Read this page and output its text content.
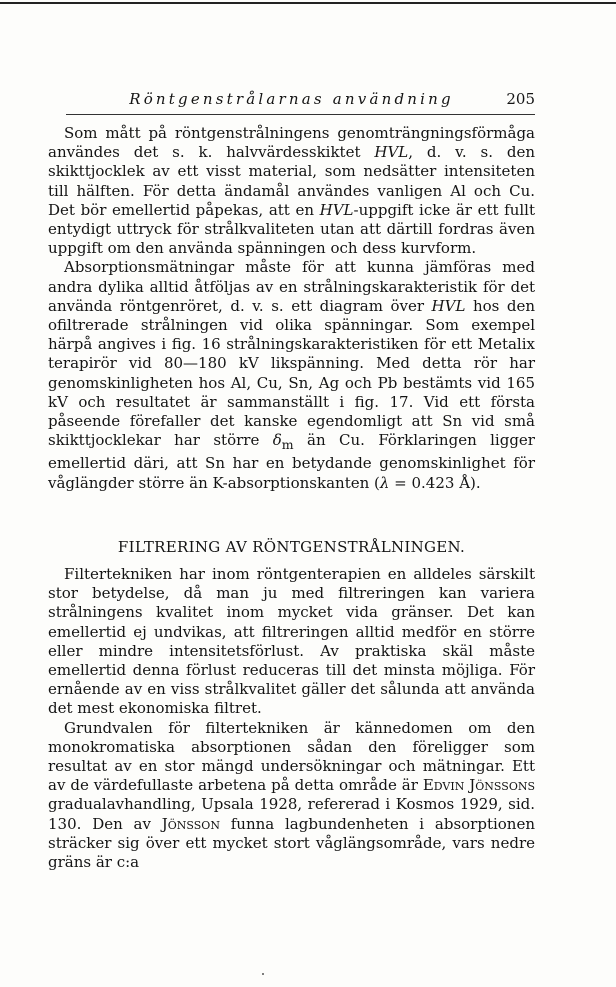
Röntgenstrålarnas användning	205

Som mått på röntgenstrålningens genomträngningsförmåga användes det s. k. halvvärdesskiktet HVL, d. v. s. den skikttjocklek av ett visst material, som nedsätter intensiteten till hälften. För detta ändamål användes vanligen Al och Cu. Det bör emellertid påpekas, att en HVL-uppgift icke är ett fullt entydigt uttryck för strålkvaliteten utan att därtill fordras även uppgift om den använda spänningen och dess kurvform.

Absorptionsmätningar måste för att kunna jämföras med andra dylika alltid åtföljas av en strålningskarakteristik för det använda röntgenröret, d. v. s. ett diagram över HVL hos den ofiltrerade strålningen vid olika spänningar. Som exempel härpå angives i fig. 16 strålningskarakteristiken för ett Metalix terapirör vid 80—180 kV likspänning. Med detta rör har genomskinligheten hos Al, Cu, Sn, Ag och Pb bestämts vid 165 kV och resultatet är sammanställt i fig. 17. Vid ett första påseende förefaller det kanske egendomligt att Sn vid små skikttjocklekar har större $\delta_m$ än Cu. Förklaringen ligger emellertid däri, att Sn har en betydande genomskinlighet för våglängder större än K-absorptionskanten (λ = 0.423 Å).

FILTRERING AV RÖNTGENSTRÅLNINGEN.

Filtertekniken har inom röntgenterapien en alldeles särskilt stor betydelse, då man ju med filtreringen kan variera strålningens kvalitet inom mycket vida gränser. Det kan emellertid ej undvikas, att filtreringen alltid medför en större eller mindre intensitetsförlust. Av praktiska skäl måste emellertid denna förlust reduceras till det minsta möjliga. För ernående av en viss strålkvalitet gäller det sålunda att använda det mest ekonomiska filtret.

Grundvalen för filtertekniken är kännedomen om den monokromatiska absorptionen sådan den föreligger som resultat av en stor mängd undersökningar och mätningar. Ett av de värdefullaste arbetena på detta område är Edvin Jönssons gradualavhandling, Upsala 1928, refererad i Kosmos 1929, sid. 130. Den av Jönsson funna lagbundenheten i absorptionen sträcker sig över ett mycket stort våglängsområde, vars nedre gräns är c:a
